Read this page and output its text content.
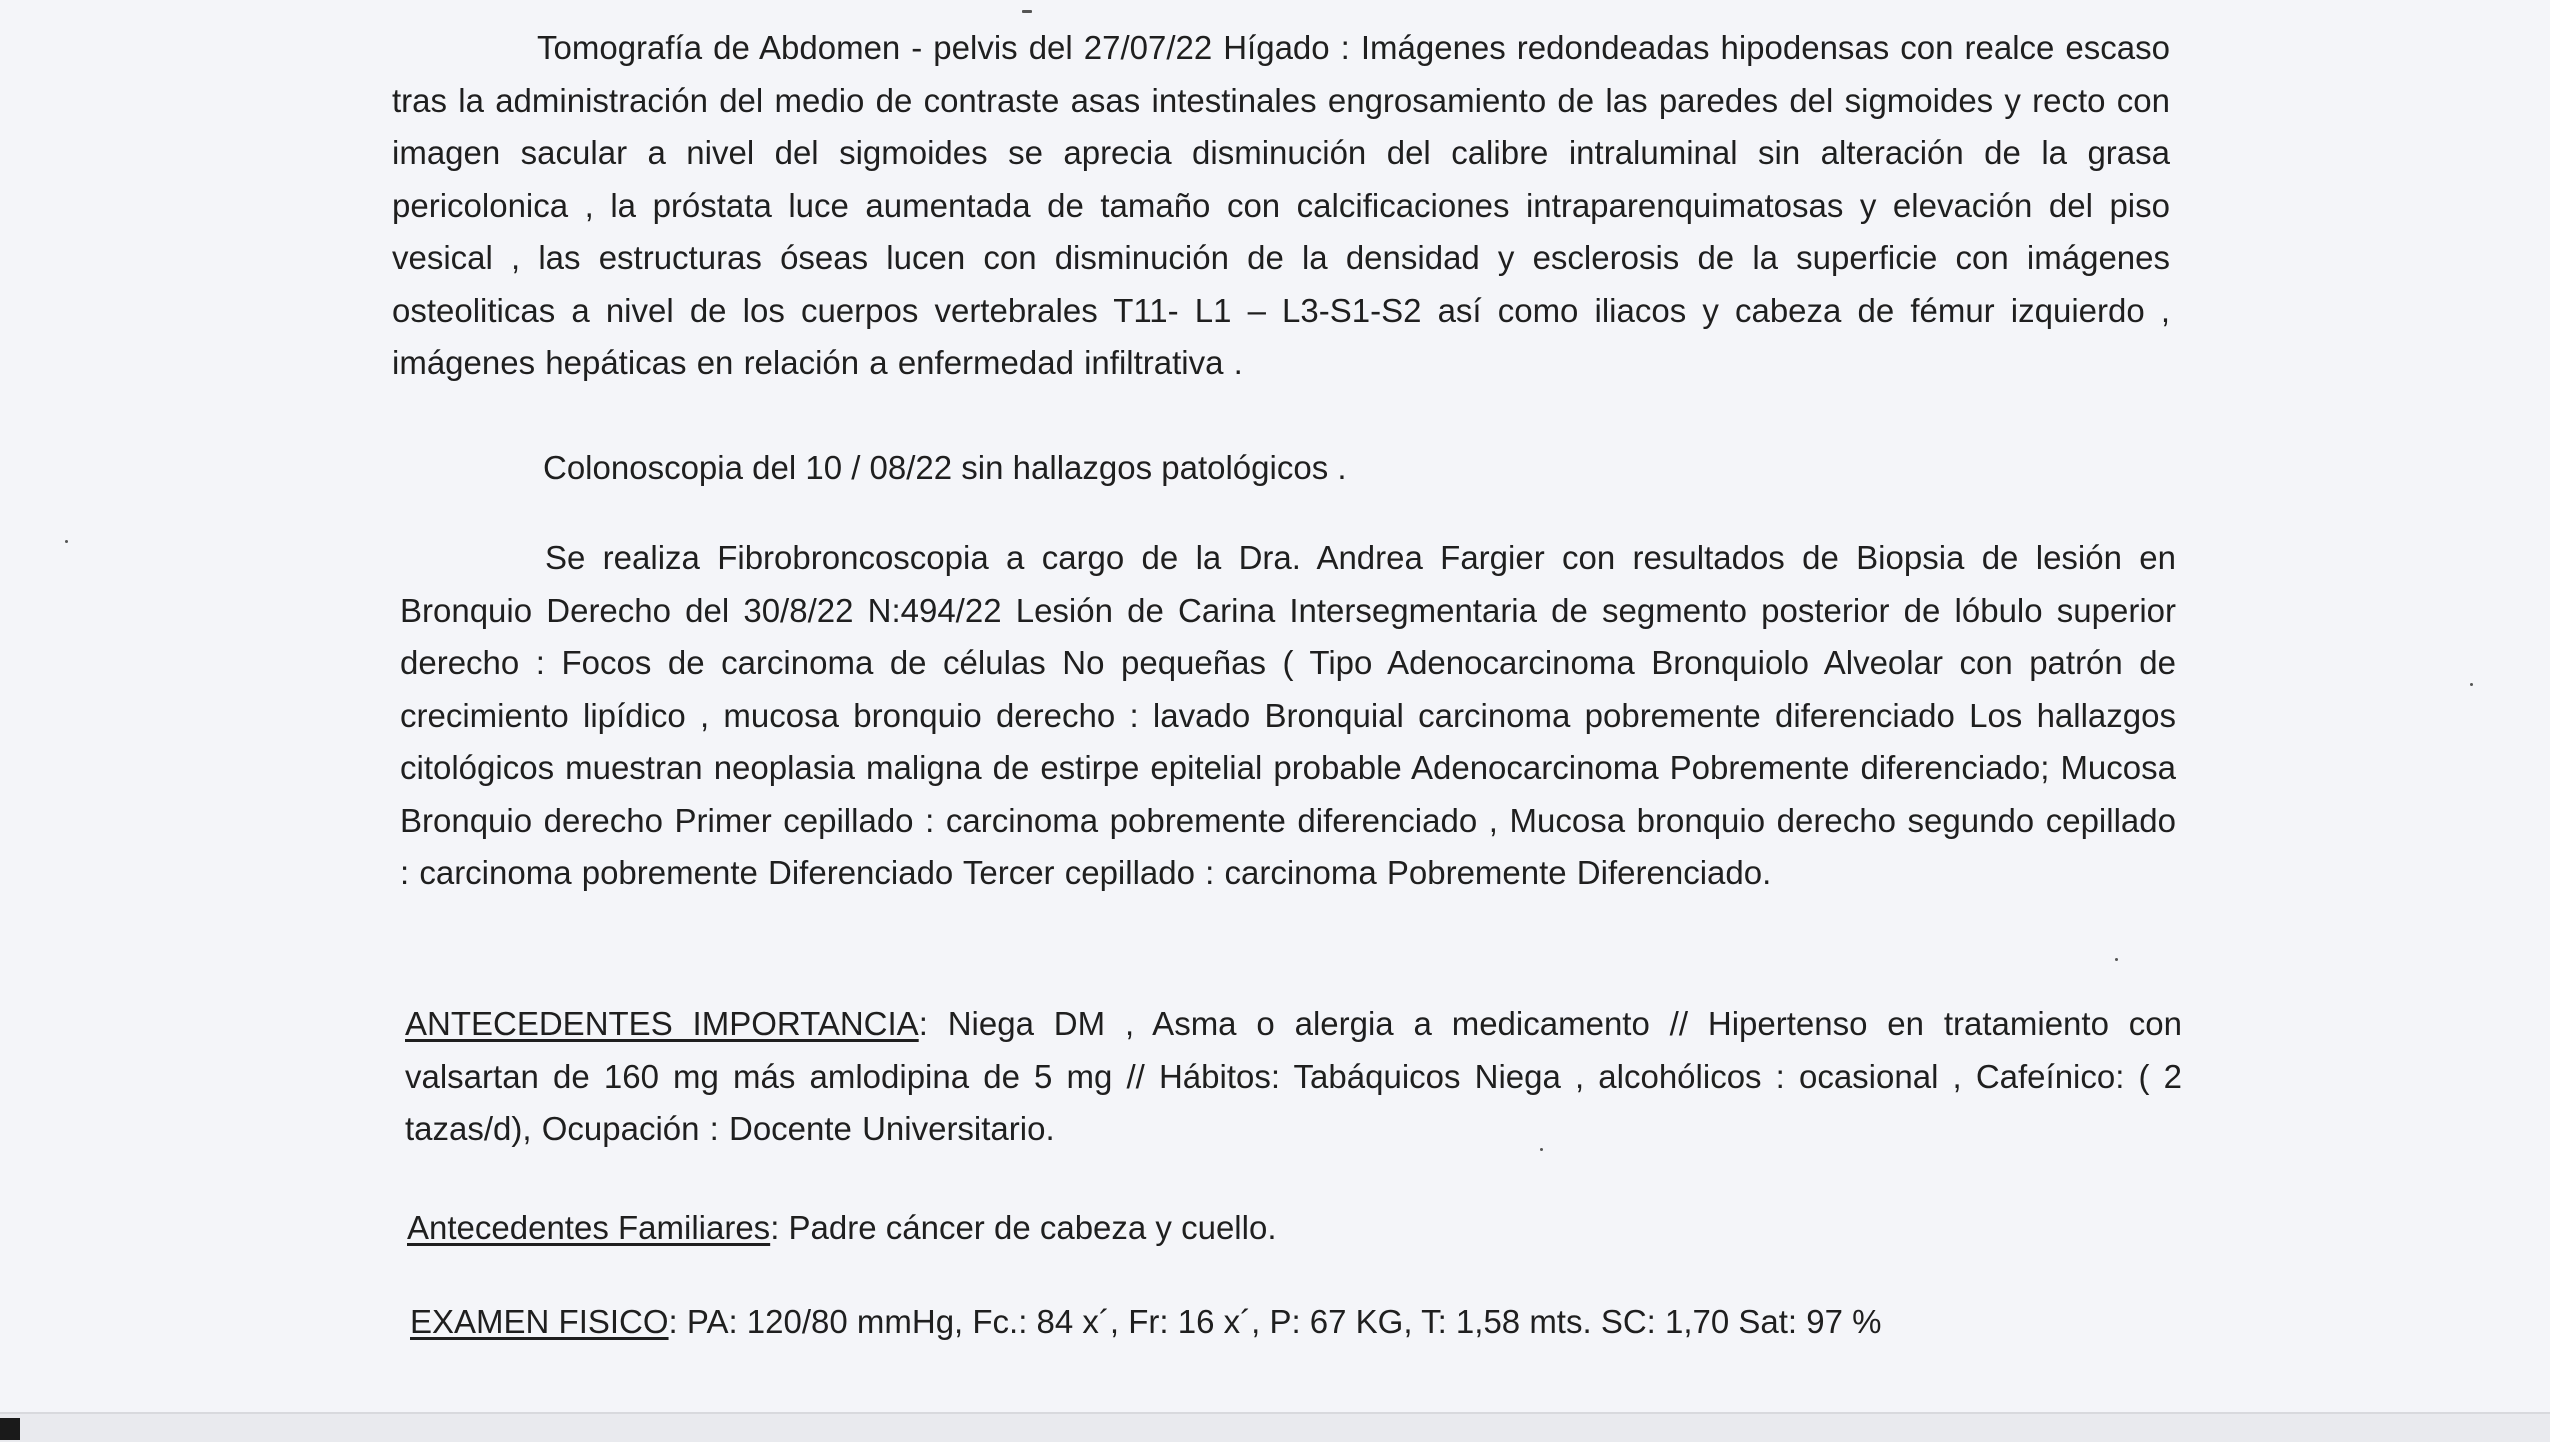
Tomografía de Abdomen - pelvis del 27/07/22 Hígado : Imágenes redondeadas hipodensas con realce escaso tras la administración del medio de contraste asas intestinales engrosamiento de las paredes del sigmoides y recto con imagen sacular a nivel del sigmoides se aprecia disminución del calibre intraluminal sin alteración de la grasa pericolonica , la próstata luce aumentada de tamaño con calcificaciones intraparenquimatosas y elevación del piso vesical , las estructuras óseas lucen con disminución de la densidad y esclerosis de la superficie con imágenes osteoliticas a nivel de los cuerpos vertebrales T11- L1 – L3-S1-S2 así como iliacos y cabeza de fémur izquierdo , imágenes hepáticas en relación a enfermedad infiltrativa .

Colonoscopia del 10 / 08/22 sin hallazgos patológicos .

Se realiza Fibrobroncoscopia a cargo de la Dra. Andrea Fargier con resultados de Biopsia de lesión en Bronquio Derecho del 30/8/22 N:494/22 Lesión de Carina Intersegmentaria de segmento posterior de lóbulo superior derecho : Focos de carcinoma de células No pequeñas ( Tipo Adenocarcinoma Bronquiolo Alveolar con patrón de crecimiento lipídico , mucosa bronquio derecho : lavado Bronquial carcinoma pobremente diferenciado Los hallazgos citológicos muestran neoplasia maligna de estirpe epitelial probable Adenocarcinoma Pobremente diferenciado; Mucosa Bronquio derecho Primer cepillado : carcinoma pobremente diferenciado , Mucosa bronquio derecho segundo cepillado : carcinoma pobremente Diferenciado Tercer cepillado : carcinoma Pobremente Diferenciado.

ANTECEDENTES IMPORTANCIA: Niega DM , Asma o alergia a medicamento // Hipertenso en tratamiento con valsartan de 160 mg más amlodipina de 5 mg // Hábitos: Tabáquicos Niega , alcohólicos : ocasional , Cafeínico: ( 2 tazas/d), Ocupación : Docente Universitario.

Antecedentes Familiares: Padre cáncer de cabeza y cuello.

EXAMEN FISICO: PA: 120/80 mmHg, Fc.: 84 x´, Fr: 16 x´, P: 67 KG, T: 1,58 mts. SC: 1,70 Sat: 97 %
